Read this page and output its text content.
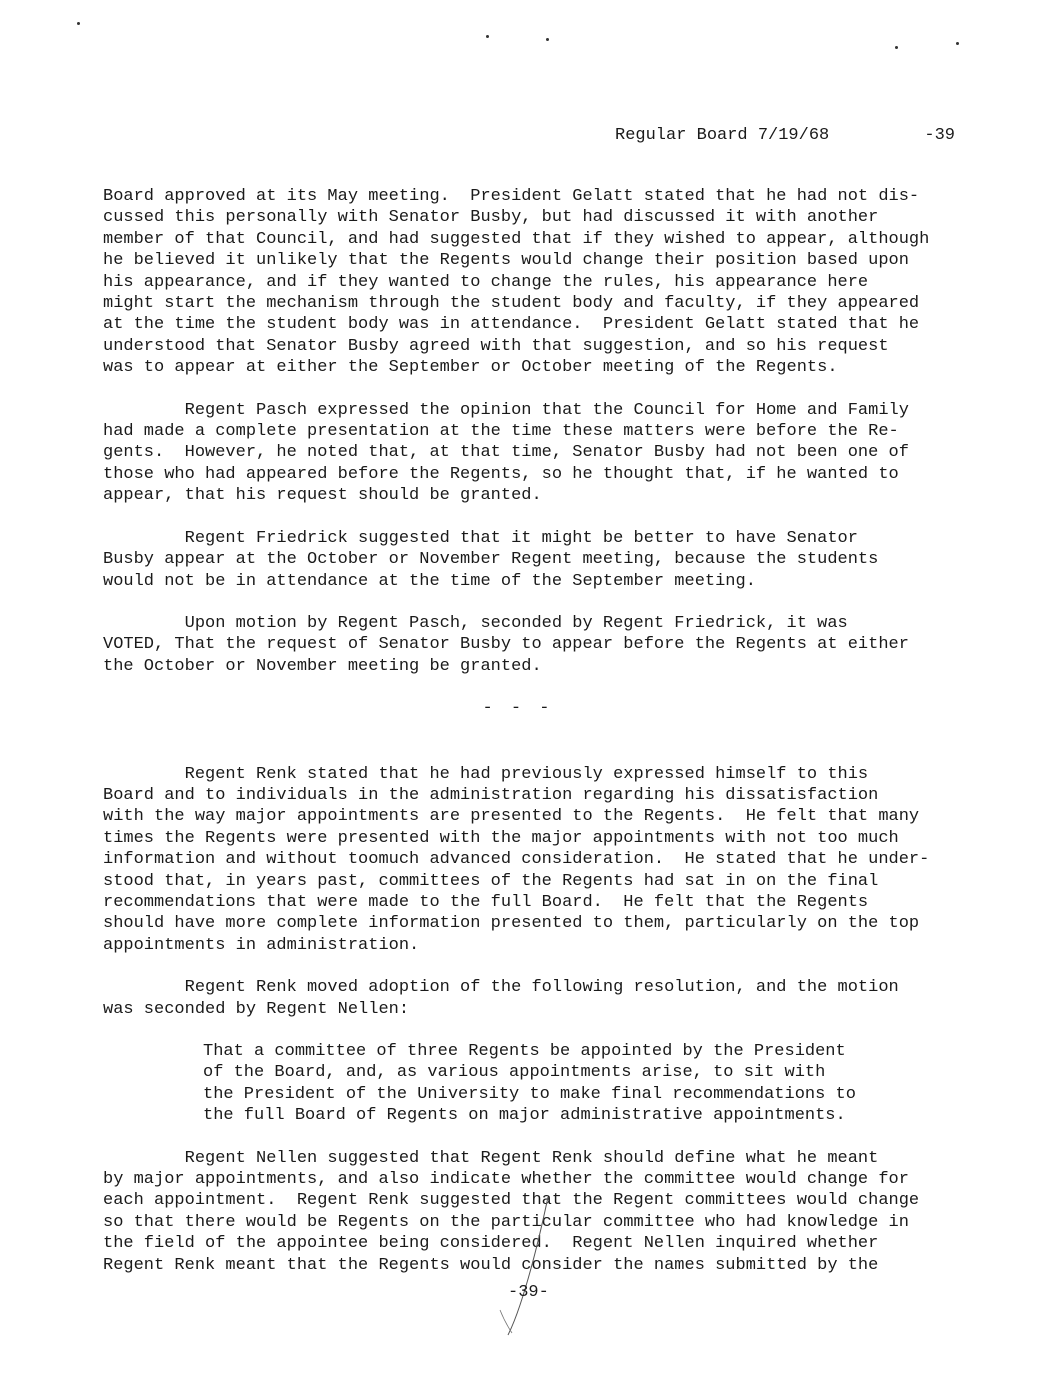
Regular Board 7/19/68	-39
Board approved at its May meeting.  President Gelatt stated that he had not dis-
cussed this personally with Senator Busby, but had discussed it with another
member of that Council, and had suggested that if they wished to appear, although
he believed it unlikely that the Regents would change their position based upon
his appearance, and if they wanted to change the rules, his appearance here
might start the mechanism through the student body and faculty, if they appeared
at the time the student body was in attendance.  President Gelatt stated that he
understood that Senator Busby agreed with that suggestion, and so his request
was to appear at either the September or October meeting of the Regents.
Regent Pasch expressed the opinion that the Council for Home and Family
had made a complete presentation at the time these matters were before the Re-
gents.  However, he noted that, at that time, Senator Busby had not been one of
those who had appeared before the Regents, so he thought that, if he wanted to
appear, that his request should be granted.
Regent Friedrick suggested that it might be better to have Senator
Busby appear at the October or November Regent meeting, because the students
would not be in attendance at the time of the September meeting.
Upon motion by Regent Pasch, seconded by Regent Friedrick, it was
VOTED, That the request of Senator Busby to appear before the Regents at either
the October or November meeting be granted.
- - -
Regent Renk stated that he had previously expressed himself to this
Board and to individuals in the administration regarding his dissatisfaction
with the way major appointments are presented to the Regents.  He felt that many
times the Regents were presented with the major appointments with not too much
information and without toomuch advanced consideration.  He stated that he under-
stood that, in years past, committees of the Regents had sat in on the final
recommendations that were made to the full Board.  He felt that the Regents
should have more complete information presented to them, particularly on the top
appointments in administration.
Regent Renk moved adoption of the following resolution, and the motion
was seconded by Regent Nellen:
That a committee of three Regents be appointed by the President
of the Board, and, as various appointments arise, to sit with
the President of the University to make final recommendations to
the full Board of Regents on major administrative appointments.
Regent Nellen suggested that Regent Renk should define what he meant
by major appointments, and also indicate whether the committee would change for
each appointment.  Regent Renk suggested that the Regent committees would change
so that there would be Regents on the particular committee who had knowledge in
the field of the appointee being considered.  Regent Nellen inquired whether
Regent Renk meant that the Regents would consider the names submitted by the
-39-
